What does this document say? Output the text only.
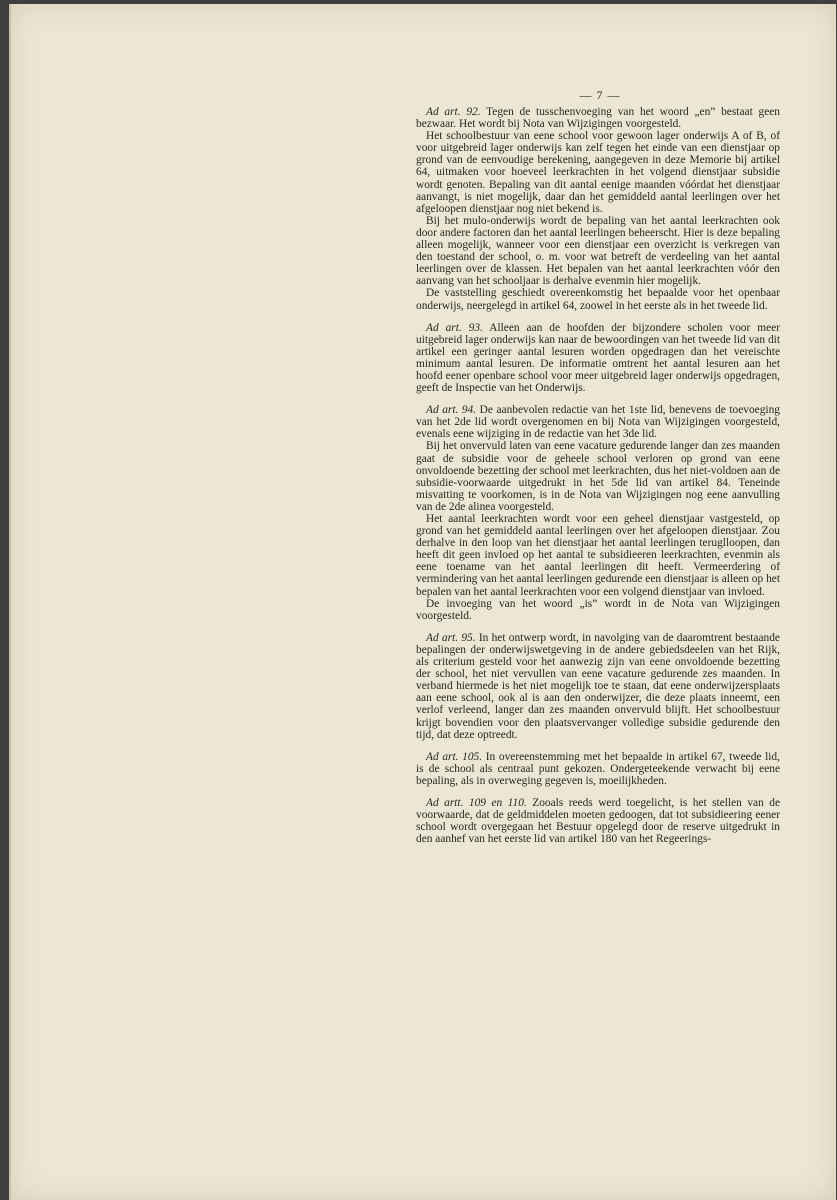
— 7 —

Ad art. 92. Tegen de tusschenvoeging van het woord „en” bestaat geen bezwaar. Het wordt bij Nota van Wijzigingen voorgesteld.

Het schoolbestuur van eene school voor gewoon lager onderwijs A of B, of voor uitgebreid lager onderwijs kan zelf tegen het einde van een dienstjaar op grond van de eenvoudige berekening, aangegeven in deze Memorie bij artikel 64, uitmaken voor hoeveel leerkrachten in het volgend dienstjaar subsidie wordt genoten. Bepaling van dit aantal eenige maanden vóórdat het dienstjaar aanvangt, is niet mogelijk, daar dan het gemiddeld aantal leerlingen over het afgeloopen dienstjaar nog niet bekend is.

Bij het mulo-onderwijs wordt de bepaling van het aantal leerkrachten ook door andere factoren dan het aantal leerlingen beheerscht. Hier is deze bepaling alleen mogelijk, wanneer voor een dienstjaar een overzicht is verkregen van den toestand der school, o. m. voor wat betreft de verdeeling van het aantal leerlingen over de klassen. Het bepalen van het aantal leerkrachten vóór den aanvang van het schooljaar is derhalve evenmin hier mogelijk.

De vaststelling geschiedt overeenkomstig het bepaalde voor het openbaar onderwijs, neergelegd in artikel 64, zoowel in het eerste als in het tweede lid.

Ad art. 93. Alleen aan de hoofden der bijzondere scholen voor meer uitgebreid lager onderwijs kan naar de bewoordingen van het tweede lid van dit artikel een geringer aantal lesuren worden opgedragen dan het vereischte minimum aantal lesuren. De informatie omtrent het aantal lesuren aan het hoofd eener openbare school voor meer uitgebreid lager onderwijs opgedragen, geeft de Inspectie van het Onderwijs.

Ad art. 94. De aanbevolen redactie van het 1ste lid, benevens de toevoeging van het 2de lid wordt overgenomen en bij Nota van Wijzigingen voorgesteld, evenals eene wijziging in de redactie van het 3de lid.

Bij het onvervuld laten van eene vacature gedurende langer dan zes maanden gaat de subsidie voor de geheele school verloren op grond van eene onvoldoende bezetting der school met leerkrachten, dus het niet-voldoen aan de subsidie-voorwaarde uitgedrukt in het 5de lid van artikel 84. Teneinde misvatting te voorkomen, is in de Nota van Wijzigingen nog eene aanvulling van de 2de alinea voorgesteld.

Het aantal leerkrachten wordt voor een geheel dienstjaar vastgesteld, op grond van het gemiddeld aantal leerlingen over het afgeloopen dienstjaar. Zou derhalve in den loop van het dienstjaar het aantal leerlingen teruglloopen, dan heeft dit geen invloed op het aantal te subsidieeren leerkrachten, evenmin als eene toename van het aantal leerlingen dit heeft. Vermeerdering of vermindering van het aantal leerlingen gedurende een dienstjaar is alleen op het bepalen van het aantal leerkrachten voor een volgend dienstjaar van invloed.

De invoeging van het woord „is” wordt in de Nota van Wijzigingen voorgesteld.

Ad art. 95. In het ontwerp wordt, in navolging van de daaromtrent bestaande bepalingen der onderwijswetgeving in de andere gebiedsdeelen van het Rijk, als criterium gesteld voor het aanwezig zijn van eene onvoldoende bezetting der school, het niet vervullen van eene vacature gedurende zes maanden. In verband hiermede is het niet mogelijk toe te staan, dat eene onderwijzersplaats aan eene school, ook al is aan den onderwijzer, die deze plaats inneemt, een verlof verleend, langer dan zes maanden onvervuld blijft. Het schoolbestuur krijgt bovendien voor den plaatsvervanger volledige subsidie gedurende den tijd, dat deze optreedt.

Ad art. 105. In overeenstemming met het bepaalde in artikel 67, tweede lid, is de school als centraal punt gekozen. Ondergeteekende verwacht bij eene bepaling, als in overweging gegeven is, moeilijkheden.

Ad artt. 109 en 110. Zooals reeds werd toegelicht, is het stellen van de voorwaarde, dat de geldmiddelen moeten gedoogen, dat tot subsidieering eener school wordt overgegaan het Bestuur opgelegd door de reserve uitgedrukt in den aanhef van het eerste lid van artikel 180 van het Regeerings-
